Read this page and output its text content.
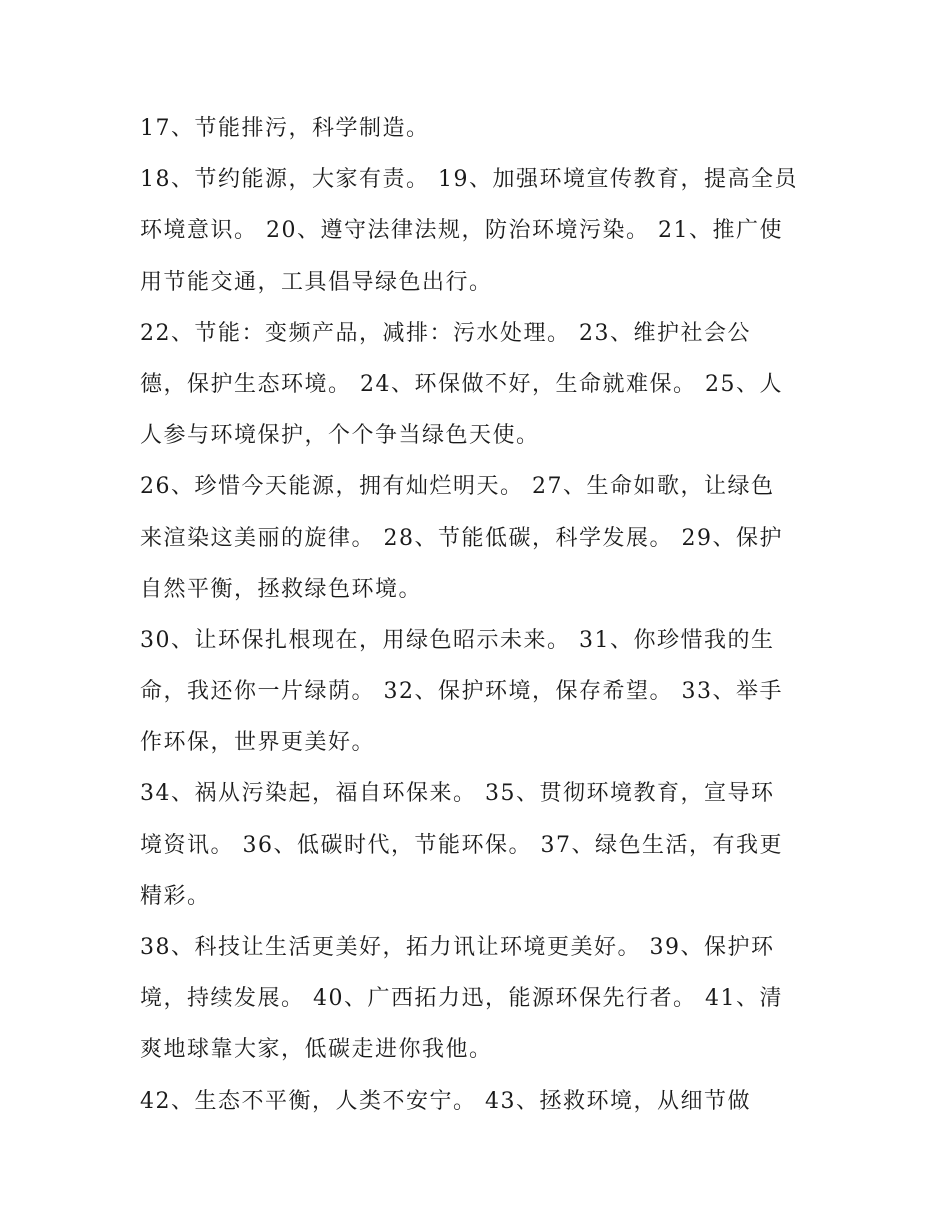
17、节能排污，科学制造。
18、节约能源，大家有责。 19、加强环境宣传教育，提高全员
环境意识。 20、遵守法律法规，防治环境污染。 21、推广使
用节能交通，工具倡导绿色出行。
22、节能：变频产品，减排：污水处理。 23、维护社会公
德，保护生态环境。 24、环保做不好，生命就难保。 25、人
人参与环境保护，个个争当绿色天使。
26、珍惜今天能源，拥有灿烂明天。 27、生命如歌，让绿色
来渲染这美丽的旋律。 28、节能低碳，科学发展。 29、保护
自然平衡，拯救绿色环境。
30、让环保扎根现在，用绿色昭示未来。 31、你珍惜我的生
命，我还你一片绿荫。 32、保护环境，保存希望。 33、举手
作环保，世界更美好。
34、祸从污染起，福自环保来。 35、贯彻环境教育，宣导环
境资讯。 36、低碳时代，节能环保。 37、绿色生活，有我更
精彩。
38、科技让生活更美好，拓力讯让环境更美好。 39、保护环
境，持续发展。 40、广西拓力迅，能源环保先行者。 41、清
爽地球靠大家，低碳走进你我他。
42、生态不平衡，人类不安宁。 43、拯救环境，从细节做
